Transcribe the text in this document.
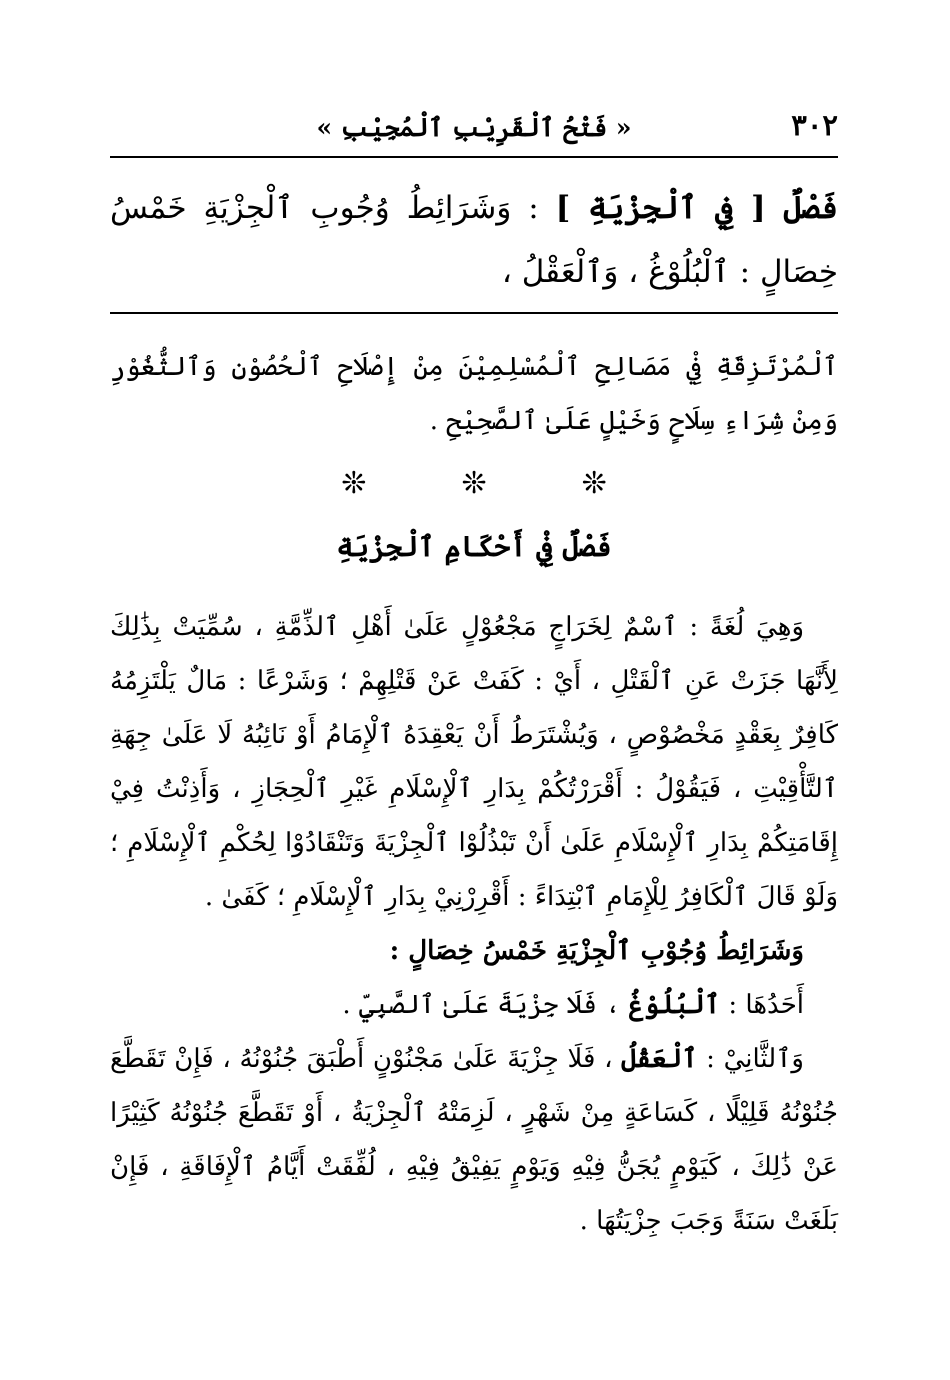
٣٠٢
« فَتْحُ ٱلْقَرِيْبِ ٱلْمُجِيْبِ »
فَصْلٌ [ فِي ٱلْجِزْيَةِ ] : وَشَرَائِطُ وُجُوبِ ٱلْجِزْيَةِ خَمْسُ خِصَالٍ : ٱلْبُلُوْغُ ، وَٱلْعَقْلُ ،
ٱلْمُرْتَزِقَةِ فِيْ مَصَالِحِ ٱلْمُسْلِمِيْنَ مِنْ إِصْلَاحِ ٱلْحُصُوْنِ وَٱلثُّغُوْرِ وَمِنْ شِرَاءِ سِلَاحٍ وَخَيْلٍ عَلَىٰ ٱلصَّحِيْحِ .
❊
❊
❊
فَصْلٌ فِيْ أَحْكَامِ ٱلْجِزْيَةِ

وَهِيَ لُغَةً : ٱسْمٌ لِخَرَاجٍ مَجْعُوْلٍ عَلَىٰ أَهْلِ ٱلذِّمَّةِ ، سُمِّيَتْ بِذَٰلِكَ لِأَنَّهَا جَزَتْ عَنِ ٱلْقَتْلِ ، أَيْ : كَفَتْ عَنْ قَتْلِهِمْ ؛ وَشَرْعًا : مَالٌ يَلْتَزِمُهُ كَافِرٌ بِعَقْدٍ مَخْصُوْصٍ ، وَيُشْتَرَطُ أَنْ يَعْقِدَهُ ٱلْإِمَامُ أَوْ نَائِبُهُ لَا عَلَىٰ جِهَةِ ٱلتَّأْقِيْتِ ، فَيَقُوْلُ : أَقْرَرْتُكُمْ بِدَارِ ٱلْإِسْلَامِ غَيْرِ ٱلْحِجَازِ ، وَأَذِنْتُ فِيْ إِقَامَتِكُمْ بِدَارِ ٱلْإِسْلَامِ عَلَىٰ أَنْ تَبْذُلُوْا ٱلْجِزْيَةَ وَتَنْقَادُوْا لِحُكْمِ ٱلْإِسْلَامِ ؛ وَلَوْ قَالَ ٱلْكَافِرُ لِلْإِمَامِ ٱبْتِدَاءً : أَقْرِرْنِيْ بِدَارِ ٱلْإِسْلَامِ ؛ كَفَىٰ .

وَشَرَائِطُ وُجُوْبِ ٱلْجِزْيَةِ خَمْسُ خِصَالٍ :

أَحَدُهَا : ٱلْبُلُوْغُ ، فَلَا جِزْيَةَ عَلَىٰ ٱلصَّبِيِّ .

وَٱلثَّانِيْ : ٱلْعَقْلُ ، فَلَا جِزْيَةَ عَلَىٰ مَجْنُوْنٍ أَطْبَقَ جُنُوْنُهُ ، فَإِنْ تَقَطَّعَ جُنُوْنُهُ قَلِيْلًا ، كَسَاعَةٍ مِنْ شَهْرٍ ، لَزِمَتْهُ ٱلْجِزْيَةُ ، أَوْ تَقَطَّعَ جُنُوْنُهُ كَثِيْرًا عَنْ ذَٰلِكَ ، كَيَوْمٍ يُجَنُّ فِيْهِ وَيَوْمٍ يَفِيْقُ فِيْهِ ، لُفِّقَتْ أَيَّامُ ٱلْإِفَاقَةِ ، فَإِنْ بَلَغَتْ سَنَةً وَجَبَ جِزْيَتُهَا .
